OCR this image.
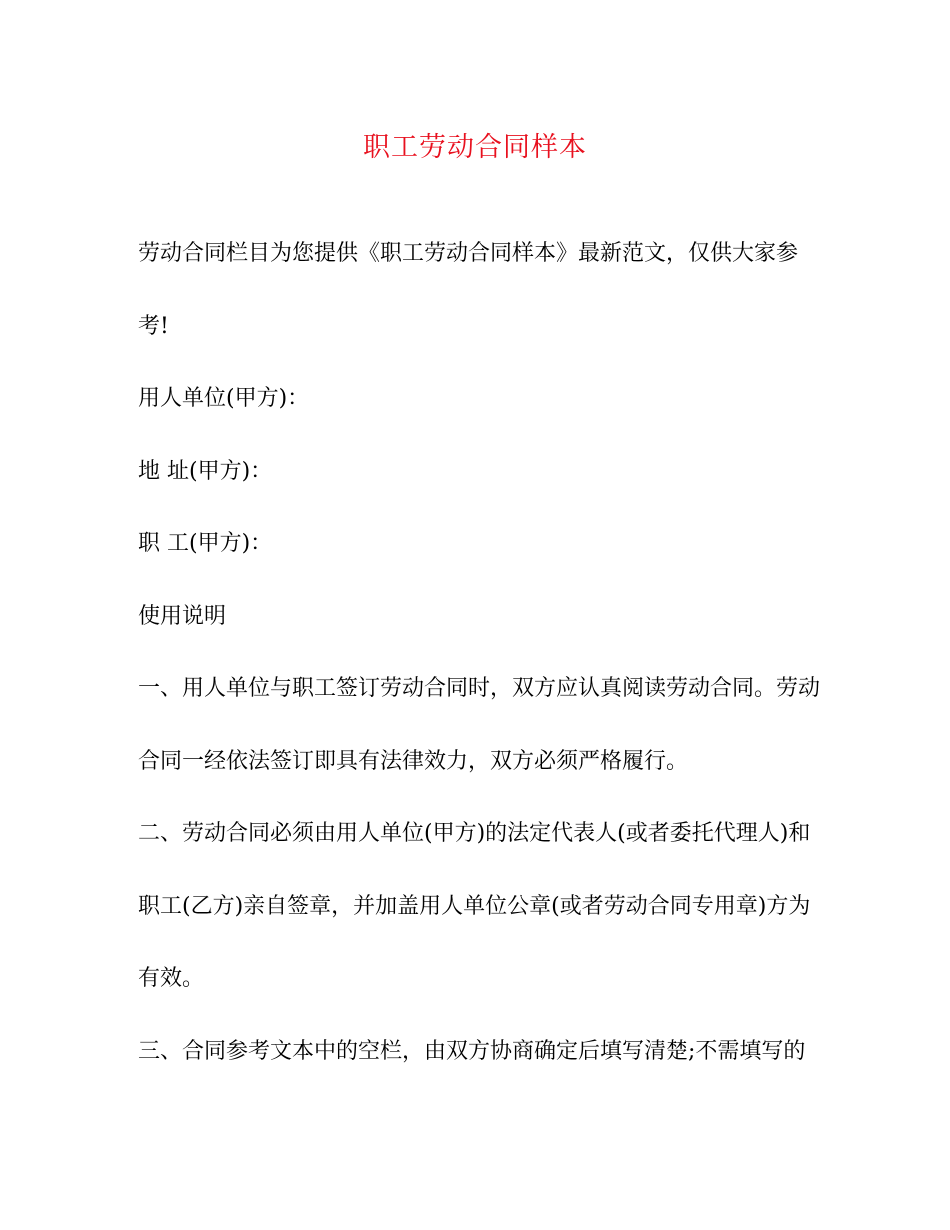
职工劳动合同样本
劳动合同栏目为您提供《职工劳动合同样本》最新范文，仅供大家参
考!
用人单位(甲方)：
地 址(甲方)：
职 工(甲方)：
使用说明
一、用人单位与职工签订劳动合同时，双方应认真阅读劳动合同。劳动
合同一经依法签订即具有法律效力，双方必须严格履行。
二、劳动合同必须由用人单位(甲方)的法定代表人(或者委托代理人)和
职工(乙方)亲自签章，并加盖用人单位公章(或者劳动合同专用章)方为
有效。
三、合同参考文本中的空栏，由双方协商确定后填写清楚;不需填写的
